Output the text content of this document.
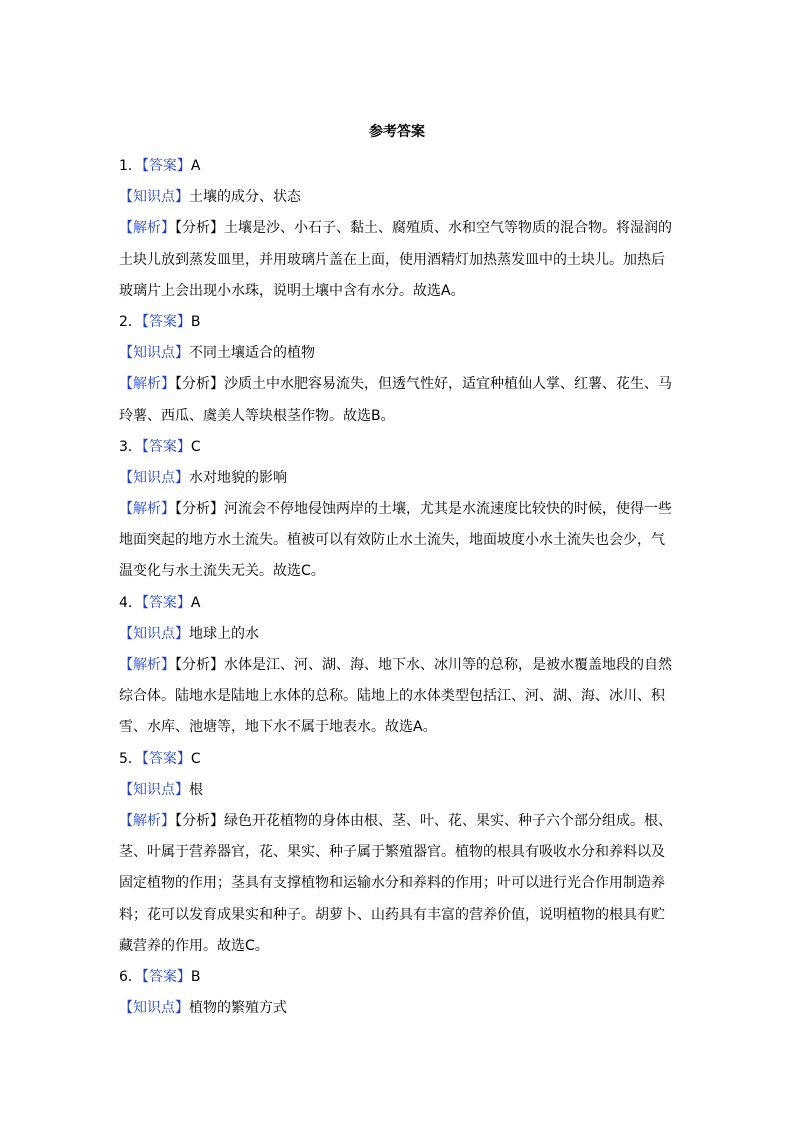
参考答案
1．【答案】A
【知识点】土壤的成分、状态
【解析】【分析】土壤是沙、小石子、黏土、腐殖质、水和空气等物质的混合物。将湿润的
土块儿放到蒸发皿里，并用玻璃片盖在上面，使用酒精灯加热蒸发皿中的土块儿。加热后
玻璃片上会出现小水珠，说明土壤中含有水分。故选A。
2．【答案】B
【知识点】不同土壤适合的植物
【解析】【分析】沙质土中水肥容易流失，但透气性好，适宜种植仙人掌、红薯、花生、马
玲薯、西瓜、虞美人等块根茎作物。故选B。
3．【答案】C
【知识点】水对地貌的影响
【解析】【分析】河流会不停地侵蚀两岸的土壤，尤其是水流速度比较快的时候，使得一些
地面突起的地方水土流失。植被可以有效防止水土流失，地面坡度小水土流失也会少，气
温变化与水土流失无关。故选C。
4．【答案】A
【知识点】地球上的水
【解析】【分析】水体是江、河、湖、海、地下水、冰川等的总称，是被水覆盖地段的自然
综合体。陆地水是陆地上水体的总称。陆地上的水体类型包括江、河、湖、海、冰川、积
雪、水库、池塘等，地下水不属于地表水。故选A。
5．【答案】C
【知识点】根
【解析】【分析】绿色开花植物的身体由根、茎、叶、花、果实、种子六个部分组成。根、
茎、叶属于营养器官，花、果实、种子属于繁殖器官。植物的根具有吸收水分和养料以及
固定植物的作用；茎具有支撑植物和运输水分和养料的作用；叶可以进行光合作用制造养
料；花可以发育成果实和种子。胡萝卜、山药具有丰富的营养价值，说明植物的根具有贮
藏营养的作用。故选C。
6．【答案】B
【知识点】植物的繁殖方式
